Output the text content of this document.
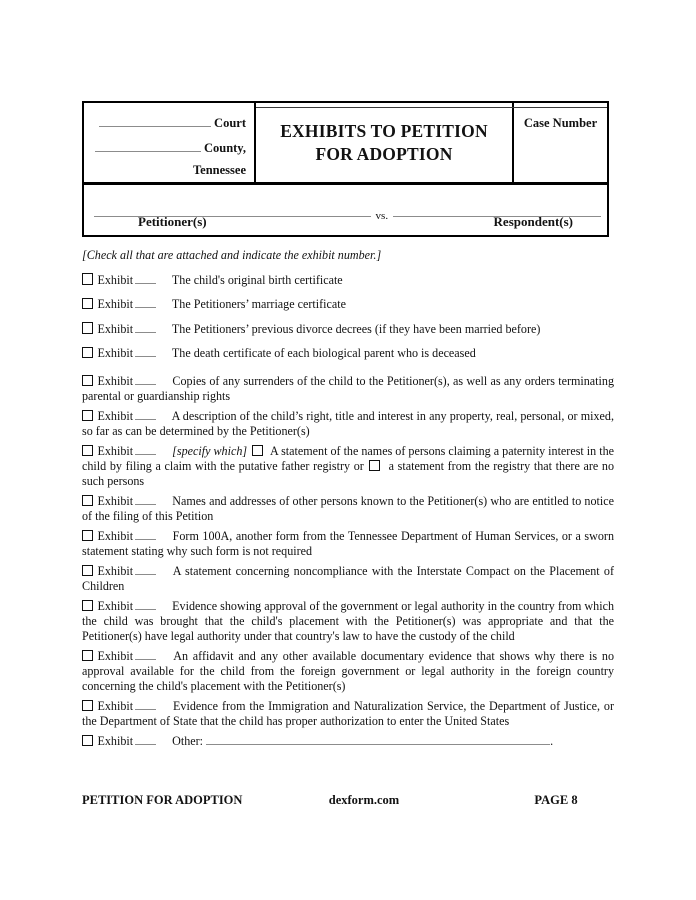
Court
County,
Tennessee
EXHIBITS TO PETITION
FOR ADOPTION
Case Number
vs.
Petitioner(s)	Respondent(s)

[Check all that are attached and indicate the exhibit number.]

Exhibit	The child's original birth certificate

Exhibit	The Petitioners’ marriage certificate

Exhibit	The Petitioners’ previous divorce decrees (if they have been married before)

Exhibit	The death certificate of each biological parent who is deceased

Exhibit	Copies of any surrenders of the child to the Petitioner(s), as well as any orders terminating parental or guardianship rights

Exhibit	A description of the child’s right, title and interest in any property, real, personal, or mixed, so far as can be determined by the Petitioner(s)

Exhibit	[specify which]  A statement of the names of persons claiming a paternity interest in the child by filing a claim with the putative father registry or  a statement from the registry that there are no such persons

Exhibit	Names and addresses of other persons known to the Petitioner(s) who are entitled to notice of the filing of this Petition

Exhibit	Form 100A, another form from the Tennessee Department of Human Services, or a sworn statement stating why such form is not required

Exhibit	A statement concerning noncompliance with the Interstate Compact on the Placement of Children

Exhibit	Evidence showing approval of the government or legal authority in the country from which the child was brought that the child's placement with the Petitioner(s) was appropriate and that the Petitioner(s) have legal authority under that country's law to have the custody of the child

Exhibit	An affidavit and any other available documentary evidence that shows why there is no approval available for the child from the foreign government or legal authority in the foreign country concerning the child's placement with the Petitioner(s)

Exhibit	Evidence from the Immigration and Naturalization Service, the Department of Justice, or the Department of State that the child has proper authorization to enter the United States

Exhibit	Other:	.

PETITION FOR ADOPTION	dexform.com	PAGE 8
